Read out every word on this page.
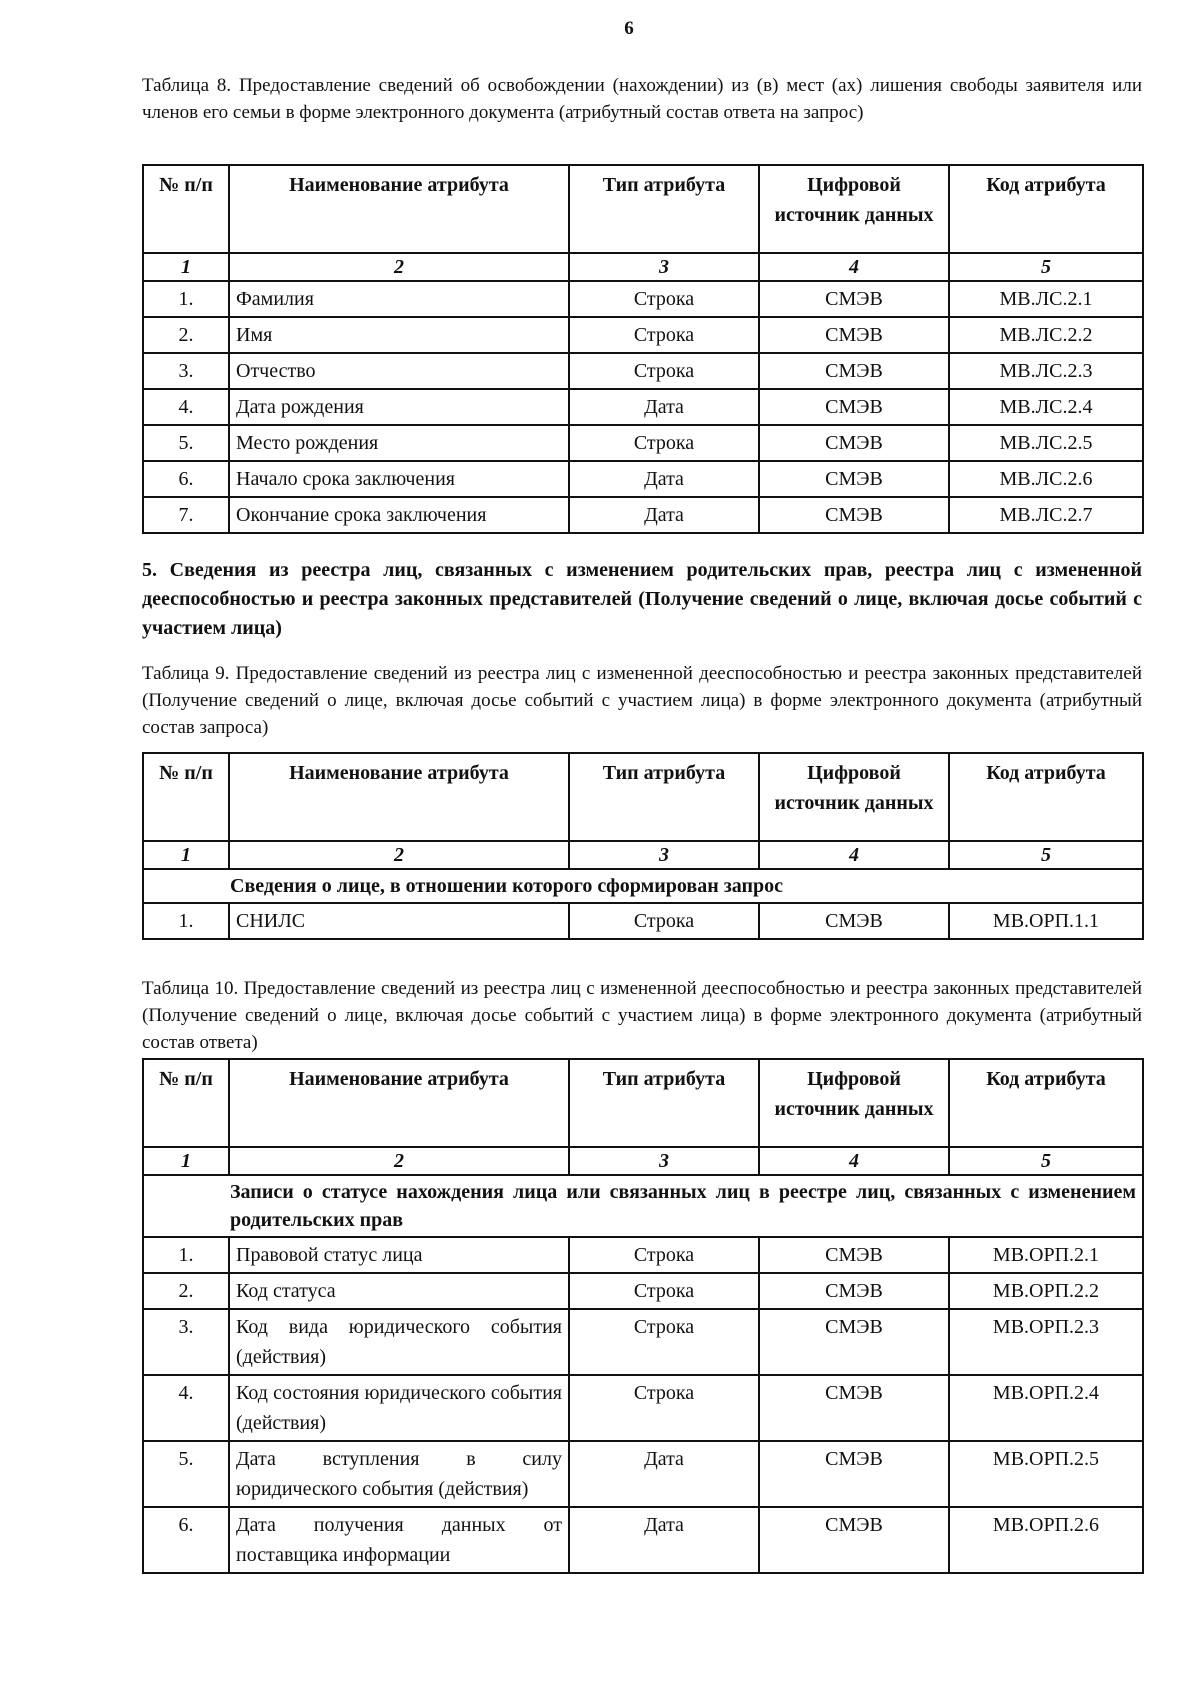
6
Таблица 8. Предоставление сведений об освобождении (нахождении) из (в) мест (ах) лишения свободы заявителя или членов его семьи в форме электронного документа (атрибутный состав ответа на запрос)
№ п/п	Наименование атрибута	Тип атрибута	Цифровой источник данных	Код атрибута
1	2	3	4	5
1.	Фамилия	Строка	СМЭВ	МВ.ЛС.2.1
2.	Имя	Строка	СМЭВ	МВ.ЛС.2.2
3.	Отчество	Строка	СМЭВ	МВ.ЛС.2.3
4.	Дата рождения	Дата	СМЭВ	МВ.ЛС.2.4
5.	Место рождения	Строка	СМЭВ	МВ.ЛС.2.5
6.	Начало срока заключения	Дата	СМЭВ	МВ.ЛС.2.6
7.	Окончание срока заключения	Дата	СМЭВ	МВ.ЛС.2.7
5. Сведения из реестра лиц, связанных с изменением родительских прав, реестра лиц с измененной дееспособностью и реестра законных представителей (Получение сведений о лице, включая досье событий с участием лица)
Таблица 9. Предоставление сведений из реестра лиц с измененной дееспособностью и реестра законных представителей (Получение сведений о лице, включая досье событий с участием лица) в форме электронного документа (атрибутный состав запроса)
№ п/п	Наименование атрибута	Тип атрибута	Цифровой источник данных	Код атрибута
1	2	3	4	5
Сведения о лице, в отношении которого сформирован запрос				
1.	СНИЛС	Строка	СМЭВ	МВ.ОРП.1.1
Таблица 10. Предоставление сведений из реестра лиц с измененной дееспособностью и реестра законных представителей (Получение сведений о лице, включая досье событий с участием лица) в форме электронного документа (атрибутный состав ответа)
№ п/п	Наименование атрибута	Тип атрибута	Цифровой источник данных	Код атрибута
1	2	3	4	5
Записи о статусе нахождения лица или связанных лиц в реестре лиц, связанных с изменением родительских прав				
1.	Правовой статус лица	Строка	СМЭВ	МВ.ОРП.2.1
2.	Код статуса	Строка	СМЭВ	МВ.ОРП.2.2
3.	Код вида юридического события (действия)	Строка	СМЭВ	МВ.ОРП.2.3
4.	Код состояния юридического события (действия)	Строка	СМЭВ	МВ.ОРП.2.4
5.	Дата вступления в силу юридического события (действия)	Дата	СМЭВ	МВ.ОРП.2.5
6.	Дата получения данных от поставщика информации	Дата	СМЭВ	МВ.ОРП.2.6
